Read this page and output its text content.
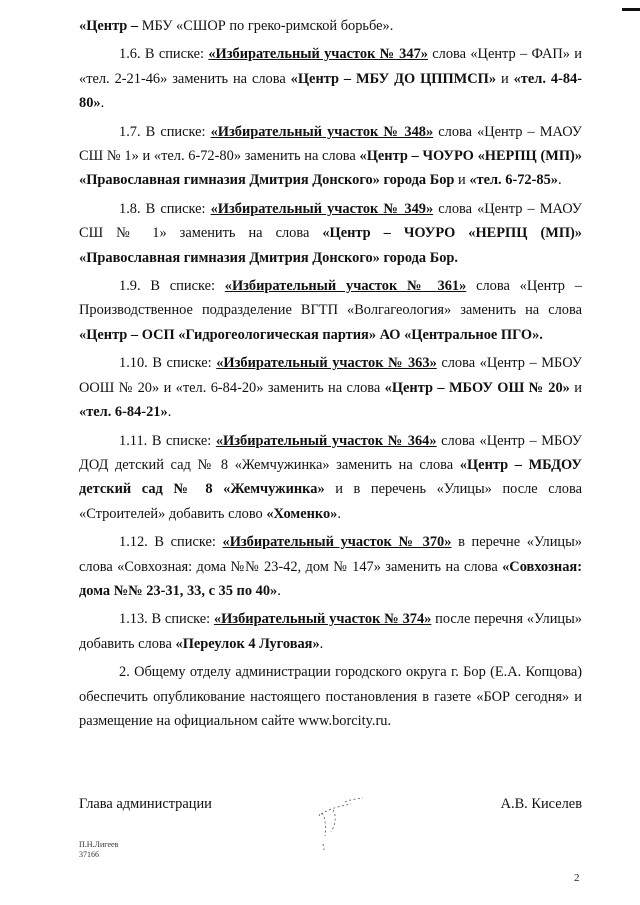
«Центр – МБУ «СШОР по греко-римской борьбе».

1.6. В списке: «Избирательный участок № 347» слова «Центр – ФАП» и «тел. 2-21-46» заменить на слова «Центр – МБУ ДО ЦППМСП» и «тел. 4-84-80».

1.7. В списке: «Избирательный участок № 348» слова «Центр – МАОУ СШ № 1» и «тел. 6-72-80» заменить на слова «Центр – ЧОУРО «НЕРПЦ (МП)» «Православная гимназия Дмитрия Донского» города Бор и «тел. 6-72-85».

1.8. В списке: «Избирательный участок № 349» слова «Центр – МАОУ СШ № 1» заменить на слова «Центр – ЧОУРО «НЕРПЦ (МП)» «Православная гимназия Дмитрия Донского» города Бор.

1.9. В списке: «Избирательный участок № 361» слова «Центр – Производственное подразделение ВГТП «Волгагеология» заменить на слова «Центр – ОСП «Гидрогеологическая партия» АО «Центральное ПГО».

1.10. В списке: «Избирательный участок № 363» слова «Центр – МБОУ ООШ № 20» и «тел. 6-84-20» заменить на слова «Центр – МБОУ ОШ № 20» и «тел. 6-84-21».

1.11. В списке: «Избирательный участок № 364» слова «Центр – МБОУ ДОД детский сад № 8 «Жемчужинка» заменить на слова «Центр – МБДОУ детский сад № 8 «Жемчужинка» и в перечень «Улицы» после слова «Строителей» добавить слово «Хоменко».

1.12. В списке: «Избирательный участок № 370» в перечне «Улицы» слова «Совхозная: дома №№ 23-42, дом № 147» заменить на слова «Совхозная: дома №№ 23-31, 33, с 35 по 40».

1.13. В списке: «Избирательный участок № 374» после перечня «Улицы» добавить слова «Переулок 4 Луговая».

2. Общему отделу администрации городского округа г. Бор (Е.А. Копцова) обеспечить опубликование настоящего постановления в газете «БОР сегодня» и размещение на официальном сайте www.borcity.ru.

Глава администрации	А.В. Киселев
П.Н.Лигеев
37166
2
